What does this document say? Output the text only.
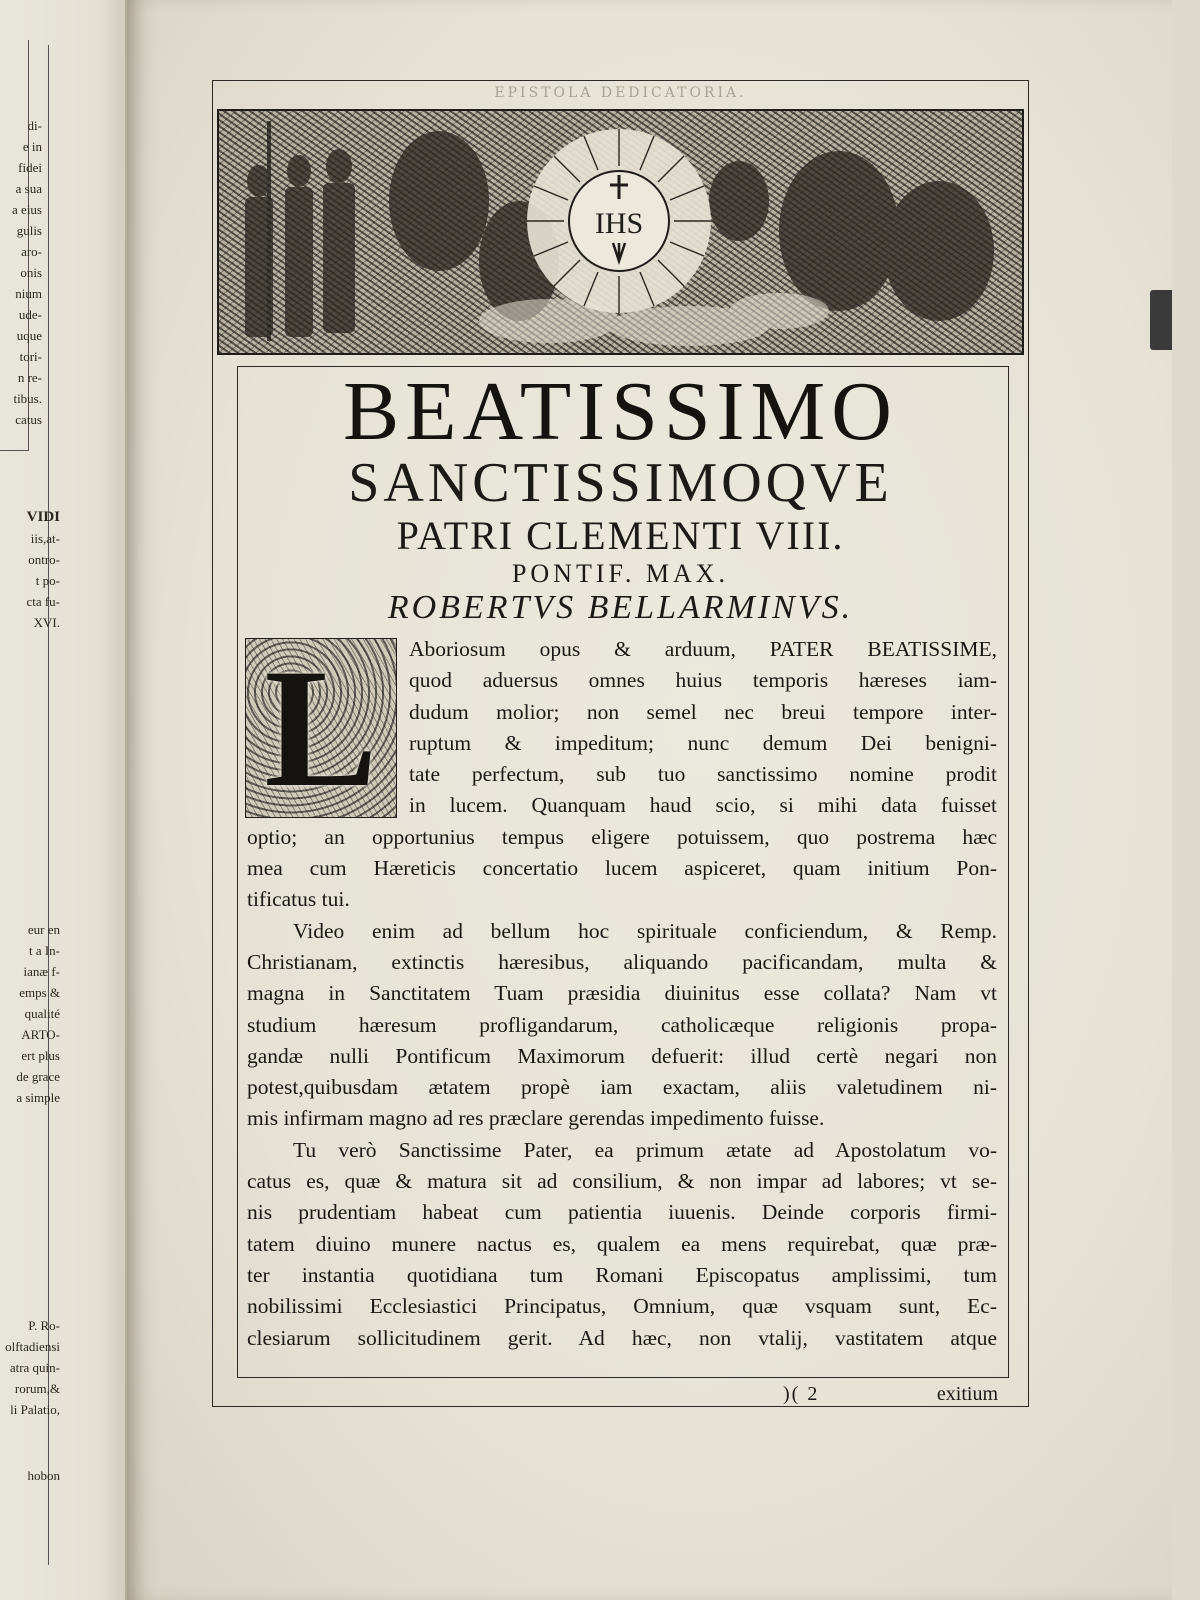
di-
e in
fidei
a sua
a eius
gulis
aro-
onis
nium
ude-
uque
tori-
n re-
tibus.
catus
VIDI
iis,at-
ontro-
t po-
cta fu-
XVI.
eur en
t a In-
ianæ f-
emps &
qualité
ARTO-
ert plus
de grace
a simple
P. Ro-
olftadiensi
atra quin-
rorum,&
li Palatio,
hobon
EPISTOLA DEDICATORIA.
IHS
BEATISSIMO
SANCTISSIMOQVE
PATRI CLEMENTI VIII.
PONTIF. MAX.
ROBERTVS BELLARMINVS.
L	Aboriosum opus & arduum, PATER BEATISSIME,
quod aduersus omnes huius temporis hæreses iam-
dudum molior; non semel nec breui tempore inter-
ruptum & impeditum; nunc demum Dei benigni-
tate perfectum, sub tuo sanctissimo nomine prodit
in lucem. Quanquam haud scio, si mihi data fuisset
optio; an opportunius tempus eligere potuissem, quo postrema hæc
mea cum Hæreticis concertatio lucem aspiceret, quam initium Pon-
tificatus tui.
Video enim ad bellum hoc spirituale conficiendum, & Remp.
Christianam, extinctis hæresibus, aliquando pacificandam, multa &
magna in Sanctitatem Tuam præsidia diuinitus esse collata? Nam vt
studium hæresum profligandarum, catholicæque religionis propa-
gandæ nulli Pontificum Maximorum defuerit: illud certè negari non
potest,quibusdam ætatem propè iam exactam, aliis valetudinem ni-
mis infirmam magno ad res præclare gerendas impedimento fuisse.
Tu verò Sanctissime Pater, ea primum ætate ad Apostolatum vo-
catus es, quæ & matura sit ad consilium, & non impar ad labores; vt se-
nis prudentiam habeat cum patientia iuuenis. Deinde corporis firmi-
tatem diuino munere nactus es, qualem ea mens requirebat, quæ præ-
ter instantia quotidiana tum Romani Episcopatus amplissimi, tum
nobilissimi Ecclesiastici Principatus, Omnium, quæ vsquam sunt, Ec-
clesiarum sollicitudinem gerit. Ad hæc, non vtalij, vastitatem atque
)( 2	exitium
